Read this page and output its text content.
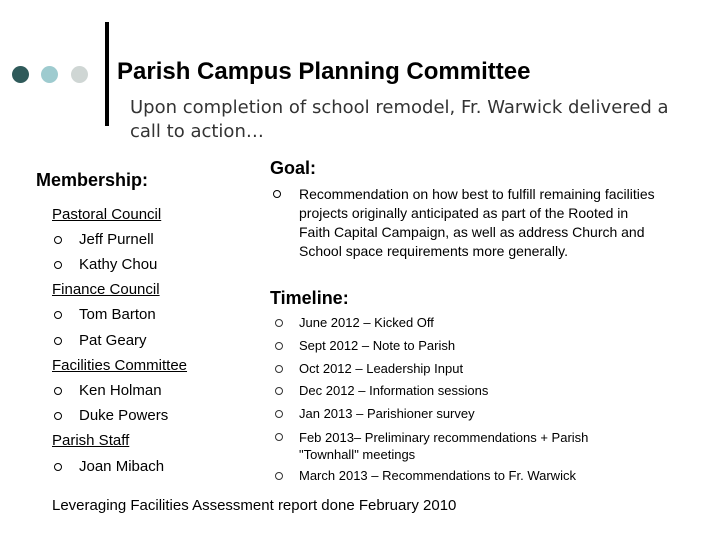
Parish Campus Planning Committee
Upon completion of school remodel, Fr. Warwick delivered a call to action…
Membership:
Pastoral Council
Jeff Purnell
Kathy Chou
Finance Council
Tom Barton
Pat Geary
Facilities Committee
Ken Holman
Duke Powers
Parish Staff
Joan Mibach
Goal:
Recommendation on how best to fulfill remaining facilities projects originally anticipated as part of the Rooted in Faith Capital Campaign, as well as address Church and School space requirements more generally.
Timeline:
June 2012 – Kicked Off
Sept 2012 – Note to Parish
Oct 2012 – Leadership Input
Dec 2012 – Information sessions
Jan 2013 – Parishioner survey
Feb 2013– Preliminary recommendations + Parish "Townhall" meetings
March 2013 – Recommendations to Fr. Warwick
Leveraging Facilities Assessment report done February 2010
